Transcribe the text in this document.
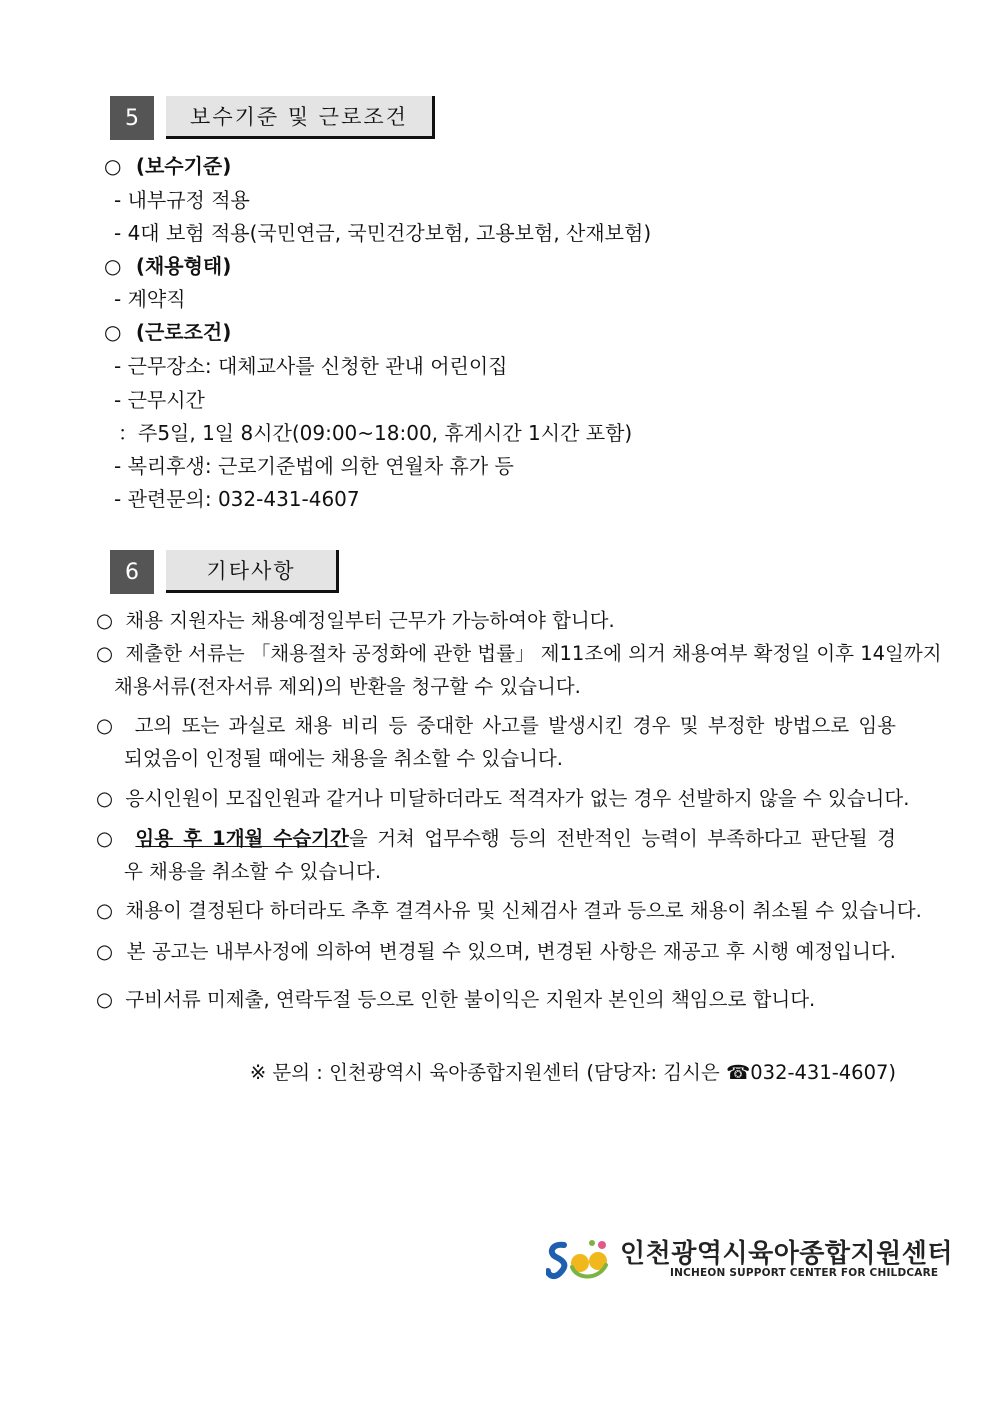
5	보수기준 및 근로조건
○ (보수기준)
- 내부규정 적용
- 4대 보험 적용(국민연금, 국민건강보험, 고용보험, 산재보험)
○ (채용형태)
- 계약직
○ (근로조건)
- 근무장소: 대체교사를 신청한 관내 어린이집
- 근무시간
：주5일, 1일 8시간(09:00~18:00, 휴게시간 1시간 포함)
- 복리후생: 근로기준법에 의한 연월차 휴가 등
- 관련문의: 032-431-4607
6	기타사항
○ 채용 지원자는 채용예정일부터 근무가 가능하여야 합니다.
○ 제출한 서류는 「채용절차 공정화에 관한 법률」 제11조에 의거 채용여부 확정일 이후 14일까지
채용서류(전자서류 제외)의 반환을 청구할 수 있습니다.
○ 고의 또는 과실로 채용 비리 등 중대한 사고를 발생시킨 경우 및 부정한 방법으로 임용
되었음이 인정될 때에는 채용을 취소할 수 있습니다.
○ 응시인원이 모집인원과 같거나 미달하더라도 적격자가 없는 경우 선발하지 않을 수 있습니다.
○ 임용 후 1개월 수습기간을 거쳐 업무수행 등의 전반적인 능력이 부족하다고 판단될 경
우 채용을 취소할 수 있습니다.
○ 채용이 결정된다 하더라도 추후 결격사유 및 신체검사 결과 등으로 채용이 취소될 수 있습니다.
○ 본 공고는 내부사정에 의하여 변경될 수 있으며, 변경된 사항은 재공고 후 시행 예정입니다.
○ 구비서류 미제출, 연락두절 등으로 인한 불이익은 지원자 본인의 책임으로 합니다.
※ 문의 : 인천광역시 육아종합지원센터 (담당자: 김시은 ☎032-431-4607)
인천광역시육아종합지원센터
INCHEON SUPPORT CENTER FOR CHILDCARE
